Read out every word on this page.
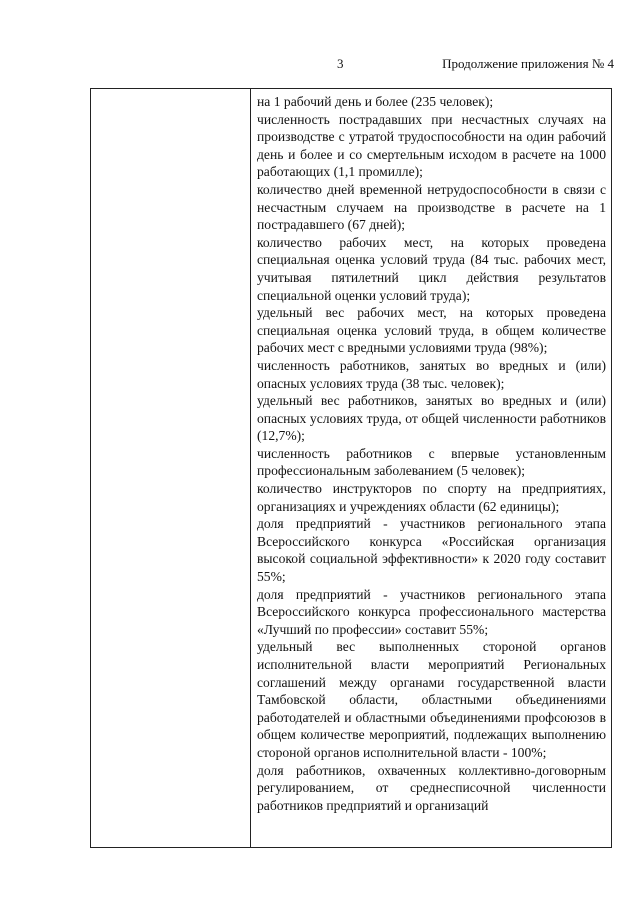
3	Продолжение приложения № 4

на 1 рабочий день и более (235 человек);

численность пострадавших при несчастных случаях на производстве с утратой трудоспособности на один рабочий день и более и со смертельным исходом в расчете на 1000 работающих (1,1 промилле);

количество дней временной нетрудоспособности в связи с несчастным случаем на производстве в расчете на 1 пострадавшего (67 дней);

количество рабочих мест, на которых проведена специальная оценка условий труда (84 тыс. рабочих мест, учитывая пятилетний цикл действия результатов специальной оценки условий труда);

удельный вес рабочих мест, на которых проведена специальная оценка условий труда, в общем количестве рабочих мест с вредными условиями труда (98%);

численность работников, занятых во вредных и (или) опасных условиях труда (38 тыс. человек);

удельный вес работников, занятых во вредных и (или) опасных условиях труда, от общей численности работников (12,7%);

численность работников с впервые установленным профессиональным заболеванием (5 человек);

количество инструкторов по спорту на предприятиях, организациях и учреждениях области (62 единицы);

доля предприятий - участников регионального этапа Всероссийского конкурса «Российская организация высокой социальной эффективности» к 2020 году составит 55%;

доля предприятий - участников регионального этапа Всероссийского конкурса профессионального мастерства «Лучший по профессии» составит 55%;

удельный вес выполненных стороной органов исполнительной власти мероприятий Региональных соглашений между органами государственной власти Тамбовской области, областными объединениями работодателей и областными объединениями профсоюзов в общем количестве мероприятий, подлежащих выполнению стороной органов исполнительной власти - 100%;

доля работников, охваченных коллективно-договорным регулированием, от среднесписочной численности работников предприятий и организаций
